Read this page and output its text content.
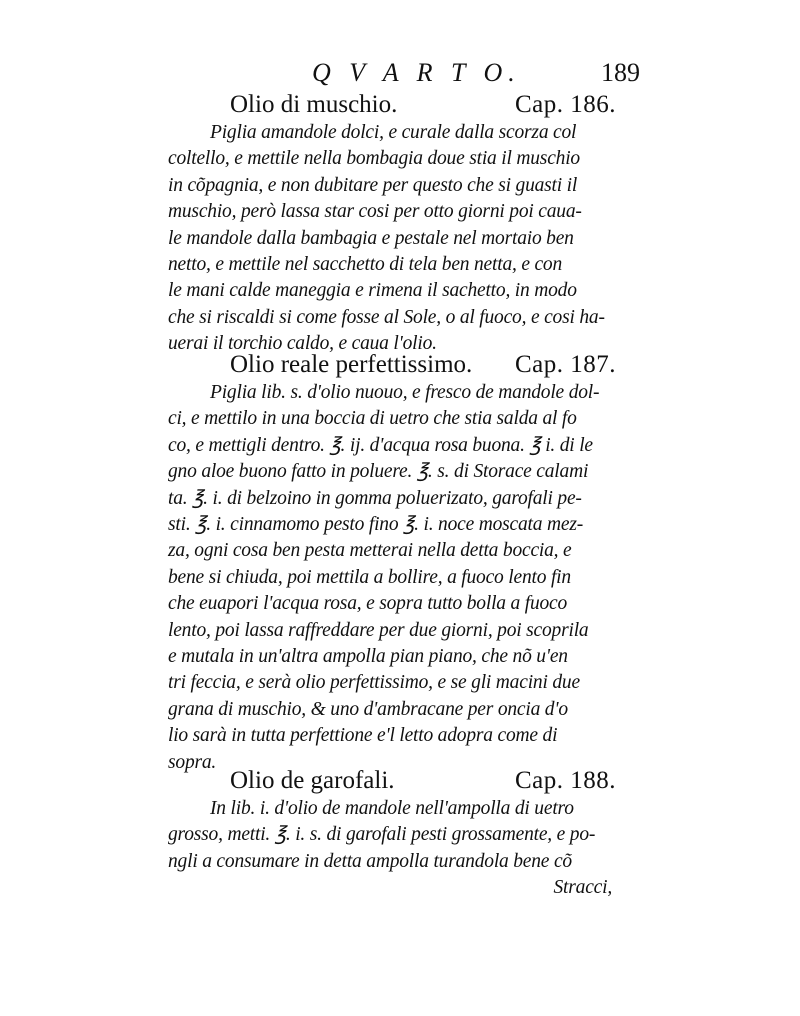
Q V A R T O.	189
Olio di muschio.	Cap. 186.
Piglia amandole dolci, e curale dalla scorza col
coltello, e mettile nella bombagia doue stia il muschio
in cõpagnia, e non dubitare per questo che si guasti il
muschio, però lassa star cosi per otto giorni poi caua-
le mandole dalla bambagia e pestale nel mortaio ben
netto, e mettile nel sacchetto di tela ben netta, e con
le mani calde maneggia e rimena il sachetto, in modo
che si riscaldi si come fosse al Sole, o al fuoco, e cosi ha-
uerai il torchio caldo, e caua l'olio.
Olio reale perfettissimo. Cap. 187.
Piglia lib. s. d'olio nuouo, e fresco de mandole dol-
ci, e mettilo in una boccia di uetro che stia salda al fo
co, e mettigli dentro. ℥. ij. d'acqua rosa buona. ℥ i. di le
gno aloe buono fatto in poluere. ℥. s. di Storace calami
ta. ℥. i. di belzoino in gomma poluerizato, garofali pe-
sti. ℥. i. cinnamomo pesto fino ℥. i. noce moscata mez-
za, ogni cosa ben pesta metterai nella detta boccia, e
bene si chiuda, poi mettila a bollire, a fuoco lento fin
che euapori l'acqua rosa, e sopra tutto bolla a fuoco
lento, poi lassa raffreddare per due giorni, poi scoprila
e mutala in un'altra ampolla pian piano, che nõ u'en
tri feccia, e serà olio perfettissimo, e se gli macini due
grana di muschio, & uno d'ambracane per oncia d'o
lio sarà in tutta perfettione e'l letto adopra come di
sopra.
Olio de garofali.	Cap. 188.
In lib. i. d'olio de mandole nell'ampolla di uetro
grosso, metti. ℥. i. s. di garofali pesti grossamente, e po-
ngli a consumare in detta ampolla turandola bene cõ
Stracci,
